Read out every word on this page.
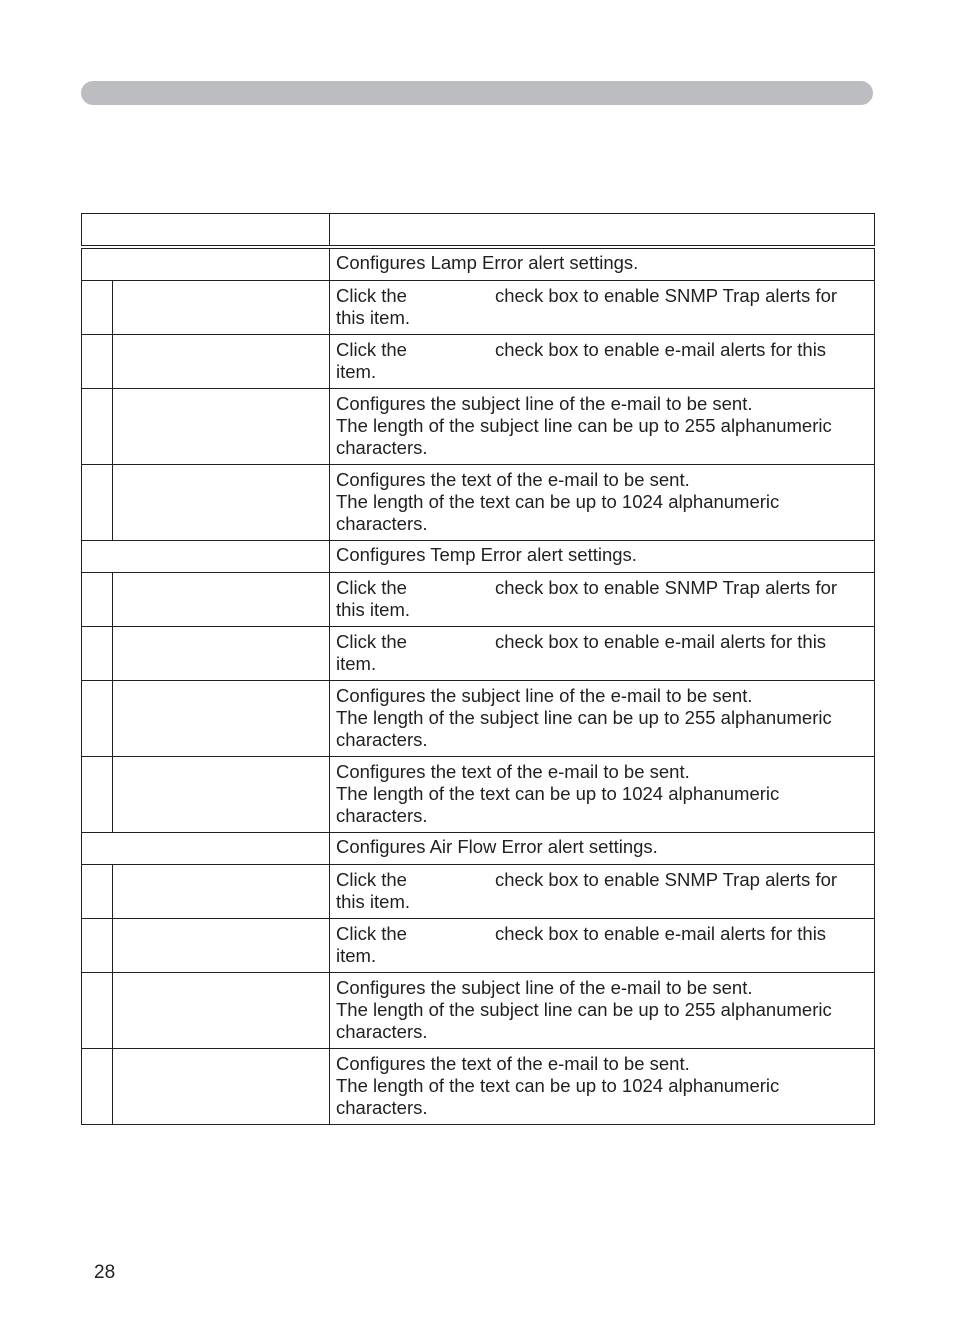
Configures Lamp Error alert settings.
Click the	check box to enable SNMP Trap alerts for this item.
Click the	check box to enable e-mail alerts for this item.
Configures the subject line of the e-mail to be sent.
The length of the subject line can be up to 255 alphanumeric characters.
Configures the text of the e-mail to be sent.
The length of the text can be up to 1024 alphanumeric characters.
Configures Temp Error alert settings.
Click the	check box to enable SNMP Trap alerts for this item.
Click the	check box to enable e-mail alerts for this item.
Configures the subject line of the e-mail to be sent.
The length of the subject line can be up to 255 alphanumeric characters.
Configures the text of the e-mail to be sent.
The length of the text can be up to 1024 alphanumeric characters.
Configures Air Flow Error alert settings.
Click the	check box to enable SNMP Trap alerts for this item.
Click the	check box to enable e-mail alerts for this item.
Configures the subject line of the e-mail to be sent.
The length of the subject line can be up to 255 alphanumeric characters.
Configures the text of the e-mail to be sent.
The length of the text can be up to 1024 alphanumeric characters.
28
